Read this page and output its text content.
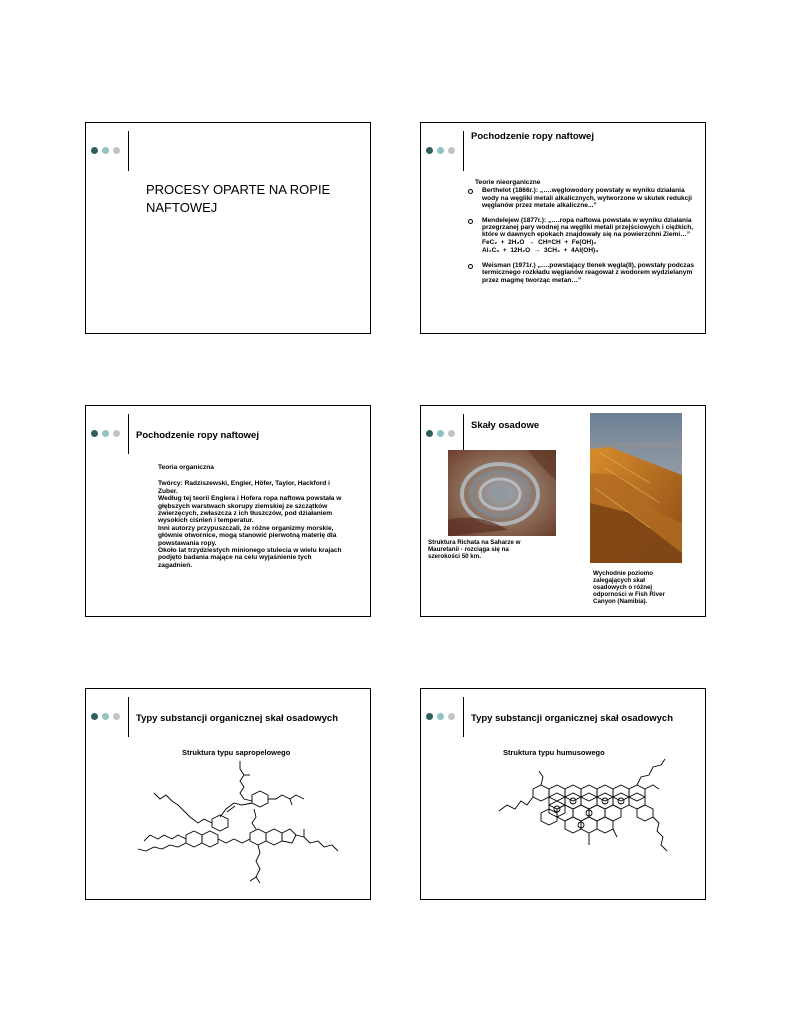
PROCESY OPARTE NA ROPIE NAFTOWEJ
Pochodzenie ropy naftowej
Teorie nieorganiczne
Berthelot (1866r.): „….węglowodory powstały w wyniku działania wody na węgliki metali alkalicznych, wytworzone w skutek redukcji węglanów przez metale alkaliczne...”
Mendelejew (1877r.): „….ropa naftowa powstała w wyniku działania przegrzanej pary wodnej na węgliki metali przejściowych i ciężkich, które w dawnych epokach znajdowały się na powierzchni Ziemi…”
FeC₂  +  2H₂O  →  CH≡CH  +  Fe(OH)₂
Al₄C₃  +  12H₂O  →  3CH₄  +  4Al(OH)₃
Weisman (1971r.) „….powstający tlenek węgla(II), powstały podczas termicznego rozkładu węglanów reagował z wodorem wydzielanym przez magmę tworząc metan…”
Pochodzenie ropy naftowej
Teoria organiczna
Twórcy: Radziszewski, Engler, Höfer, Taylor, Hackford i Zuber.
Według tej teorii Englera i Hofera ropa naftowa powstała w głębszych warstwach skorupy ziemskiej ze szczątków zwierzęcych, zwłaszcza z ich tłuszczów, pod działaniem wysokich ciśnień i temperatur.
Inni autorzy przypuszczali, że różne organizmy morskie, głównie otwornice, mogą stanowić pierwotną materię dla powstawania ropy.
Około lat trzydziestych minionego stulecia w wielu krajach podjęto badania mające na celu wyjaśnienie tych zagadnień.
Skały osadowe
Struktura Richata na Saharze w Mauretanii - rozciąga się na szerokości 50 km.
Wychodnie poziomo zalegających skał osadowych o różnej odporności w Fish River Canyon (Namibia).
Typy substancji organicznej skał osadowych
Struktura typu sapropelowego
Typy substancji organicznej skał osadowych
Struktura typu humusowego
